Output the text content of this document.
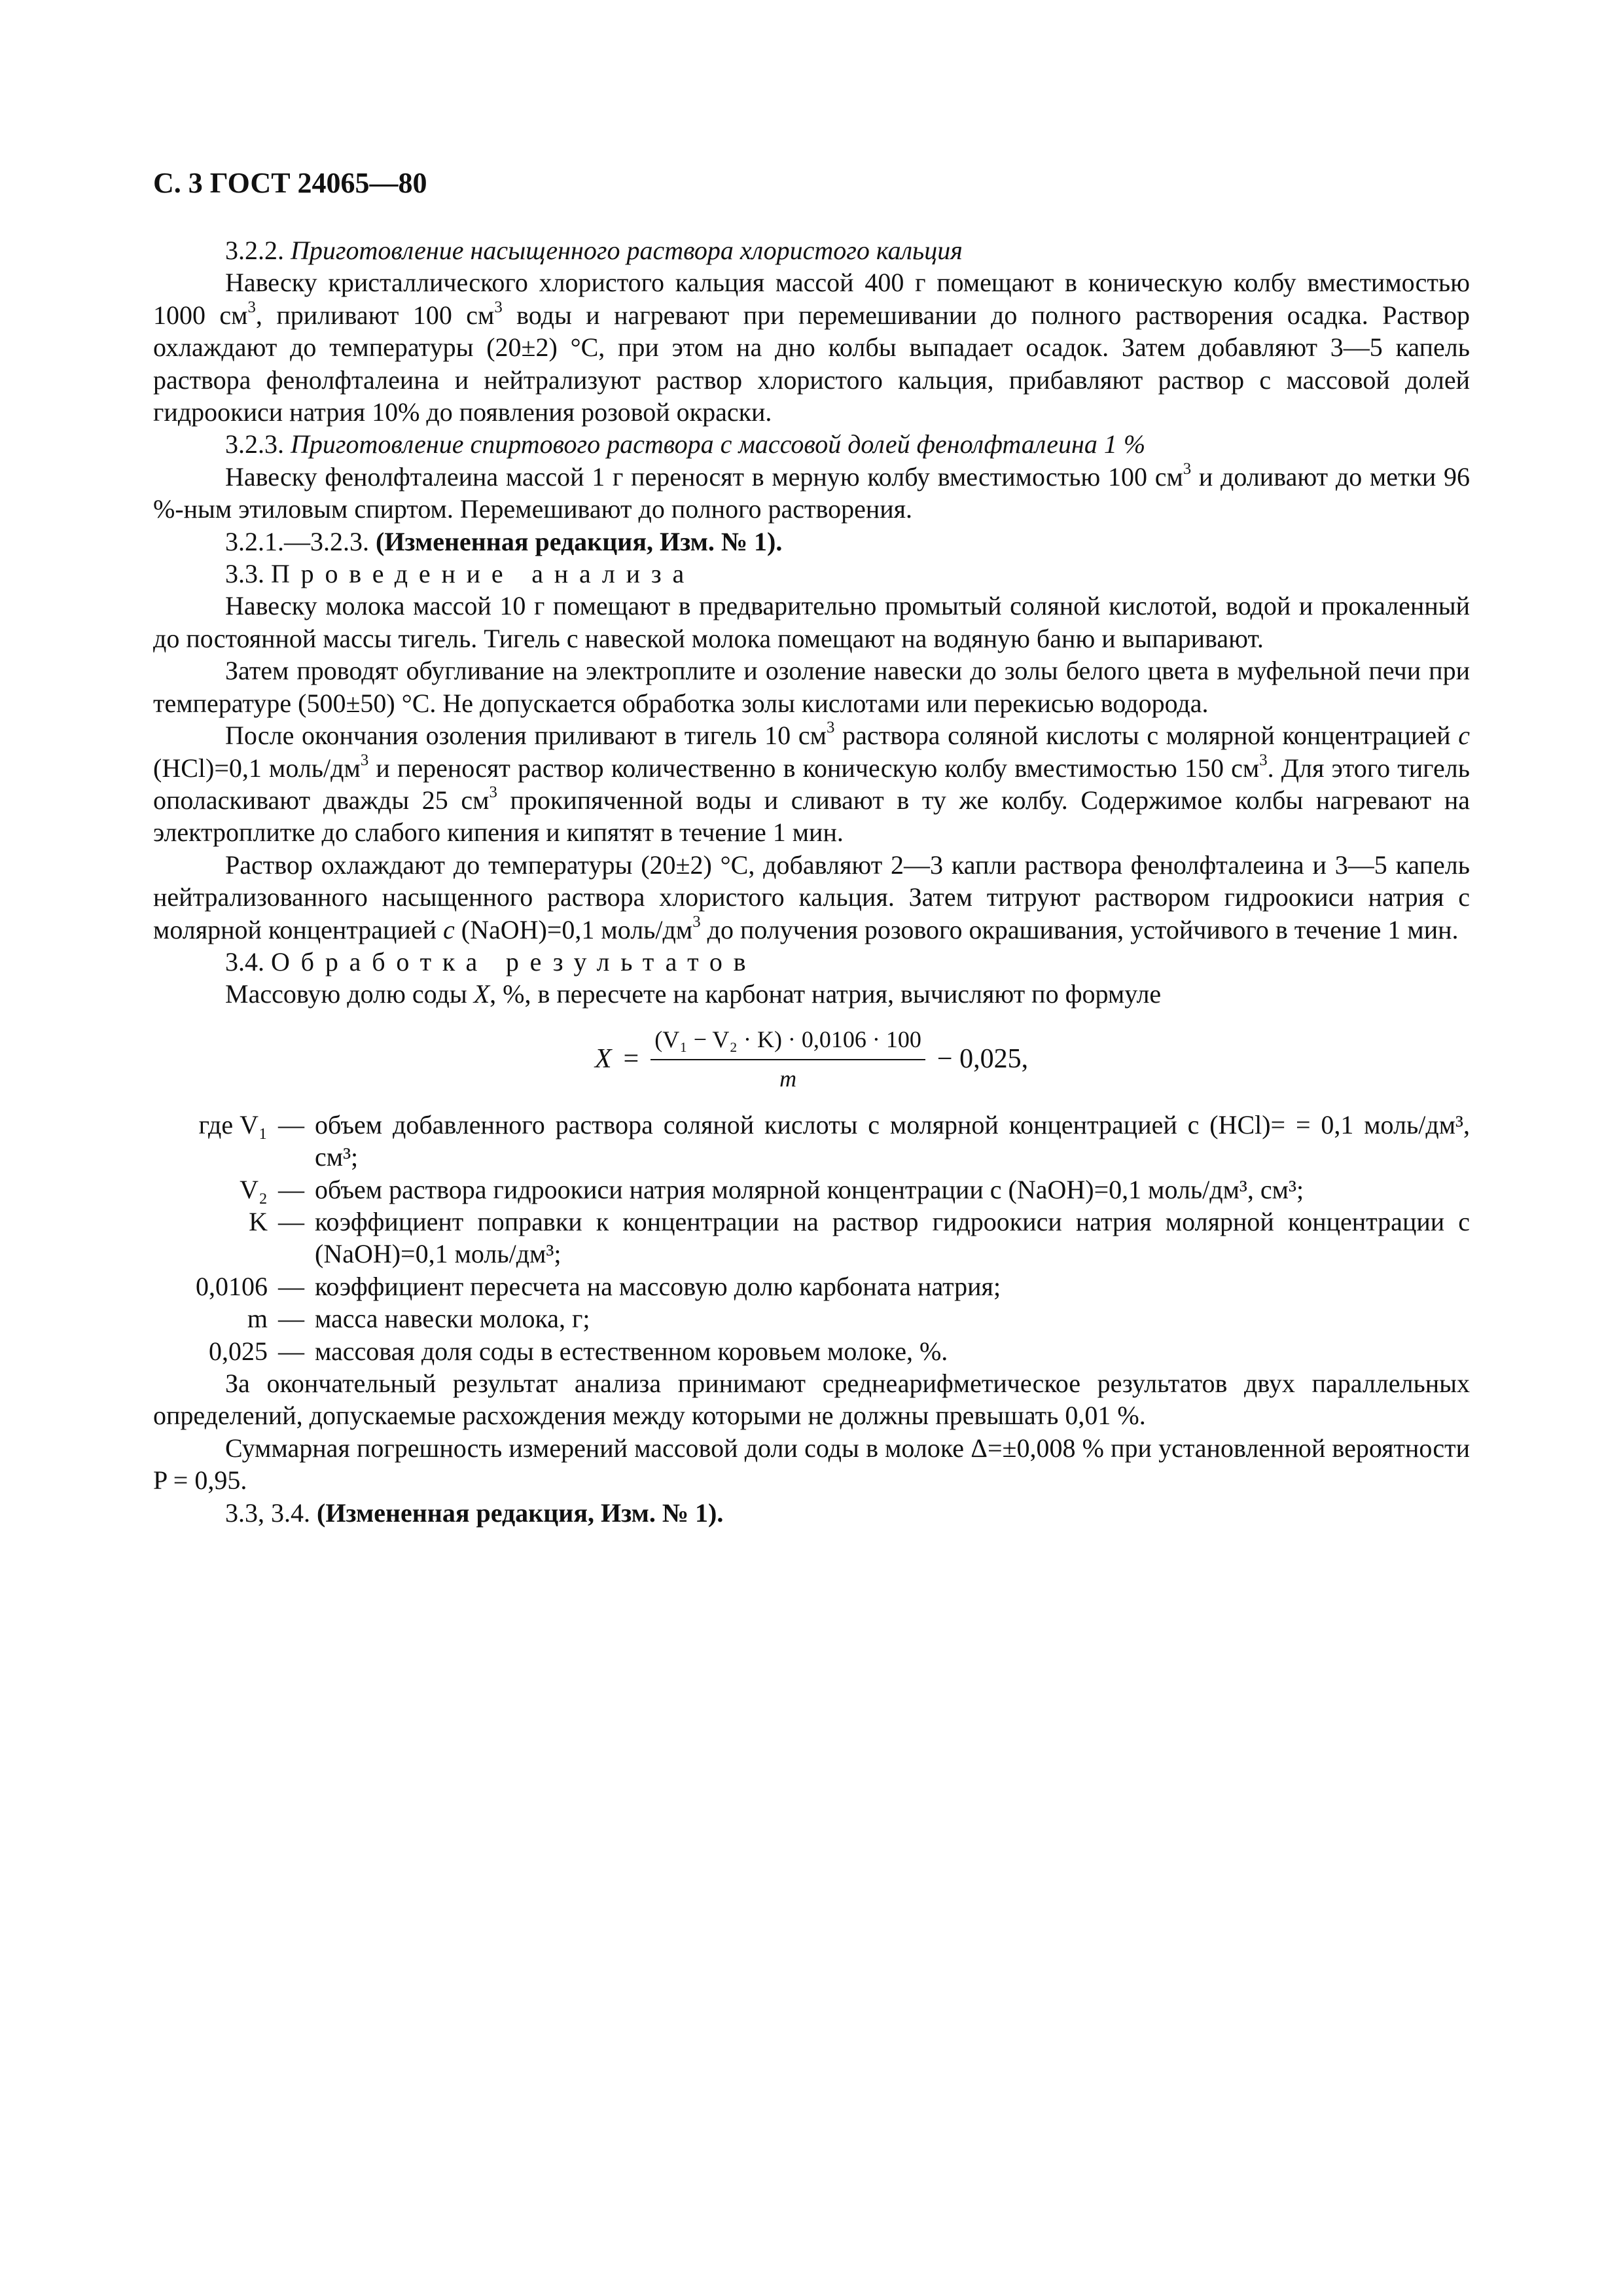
С. 3 ГОСТ 24065—80

3.2.2. Приготовление насыщенного раствора хлористого кальция

Навеску кристаллического хлористого кальция массой 400 г помещают в коническую колбу вместимостью 1000 $см^3$, приливают 100 $см^3$ воды и нагревают при перемешивании до полного растворения осадка. Раствор охлаждают до температуры (20±2) °С, при этом на дно колбы выпадает осадок. Затем добавляют 3—5 капель раствора фенолфталеина и нейтрализуют раствор хлористого кальция, прибавляют раствор с массовой долей гидроокиси натрия 10% до появления розовой окраски.

3.2.3. Приготовление спиртового раствора с массовой долей фенолфталеина 1 %

Навеску фенолфталеина массой 1 г переносят в мерную колбу вместимостью 100 $см^3$ и доливают до метки 96 %-ным этиловым спиртом. Перемешивают до полного растворения.

3.2.1.—3.2.3. (Измененная редакция, Изм. № 1).

3.3. Проведение анализа

Навеску молока массой 10 г помещают в предварительно промытый соляной кислотой, водой и прокаленный до постоянной массы тигель. Тигель с навеской молока помещают на водяную баню и выпаривают.

Затем проводят обугливание на электроплите и озоление навески до золы белого цвета в муфельной печи при температуре (500±50) °С. Не допускается обработка золы кислотами или перекисью водорода.

После окончания озоления приливают в тигель 10 $см^3$ раствора соляной кислоты с молярной концентрацией c (HCl)=0,1 моль/$дм^3$ и переносят раствор количественно в коническую колбу вместимостью 150 $см^3$. Для этого тигель ополаскивают дважды 25 $см^3$ прокипяченной воды и сливают в ту же колбу. Содержимое колбы нагревают на электроплитке до слабого кипения и кипятят в течение 1 мин.

Раствор охлаждают до температуры (20±2) °С, добавляют 2—3 капли раствора фенолфталеина и 3—5 капель нейтрализованного насыщенного раствора хлористого кальция. Затем титруют раствором гидроокиси натрия с молярной концентрацией c (NaOH)=0,1 моль/$дм^3$ до получения розового окрашивания, устойчивого в течение 1 мин.

3.4. Обработка результатов

Массовую долю соды X, %, в пересчете на карбонат натрия, вычисляют по формуле

$X = \frac{\text{(V₁ − V₂ · K) · 0,0106 · 100}}{m} - 0,025$,
где V₁ — объем добавленного раствора соляной кислоты с молярной концентрацией c (HCl)= = 0,1 моль/дм³, см³;
V₂ — объем раствора гидроокиси натрия молярной концентрации c (NaOH)=0,1 моль/дм³, см³;
K — коэффициент поправки к концентрации на раствор гидроокиси натрия молярной концентрации c (NaOH)=0,1 моль/дм³;
0,0106 — коэффициент пересчета на массовую долю карбоната натрия;
m — масса навески молока, г;
0,025 — массовая доля соды в естественном коровьем молоке, %.

За окончательный результат анализа принимают среднеарифметическое результатов двух параллельных определений, допускаемые расхождения между которыми не должны превышать 0,01 %.

Суммарная погрешность измерений массовой доли соды в молоке Δ=±0,008 % при установленной вероятности P = 0,95.

3.3, 3.4. (Измененная редакция, Изм. № 1).
